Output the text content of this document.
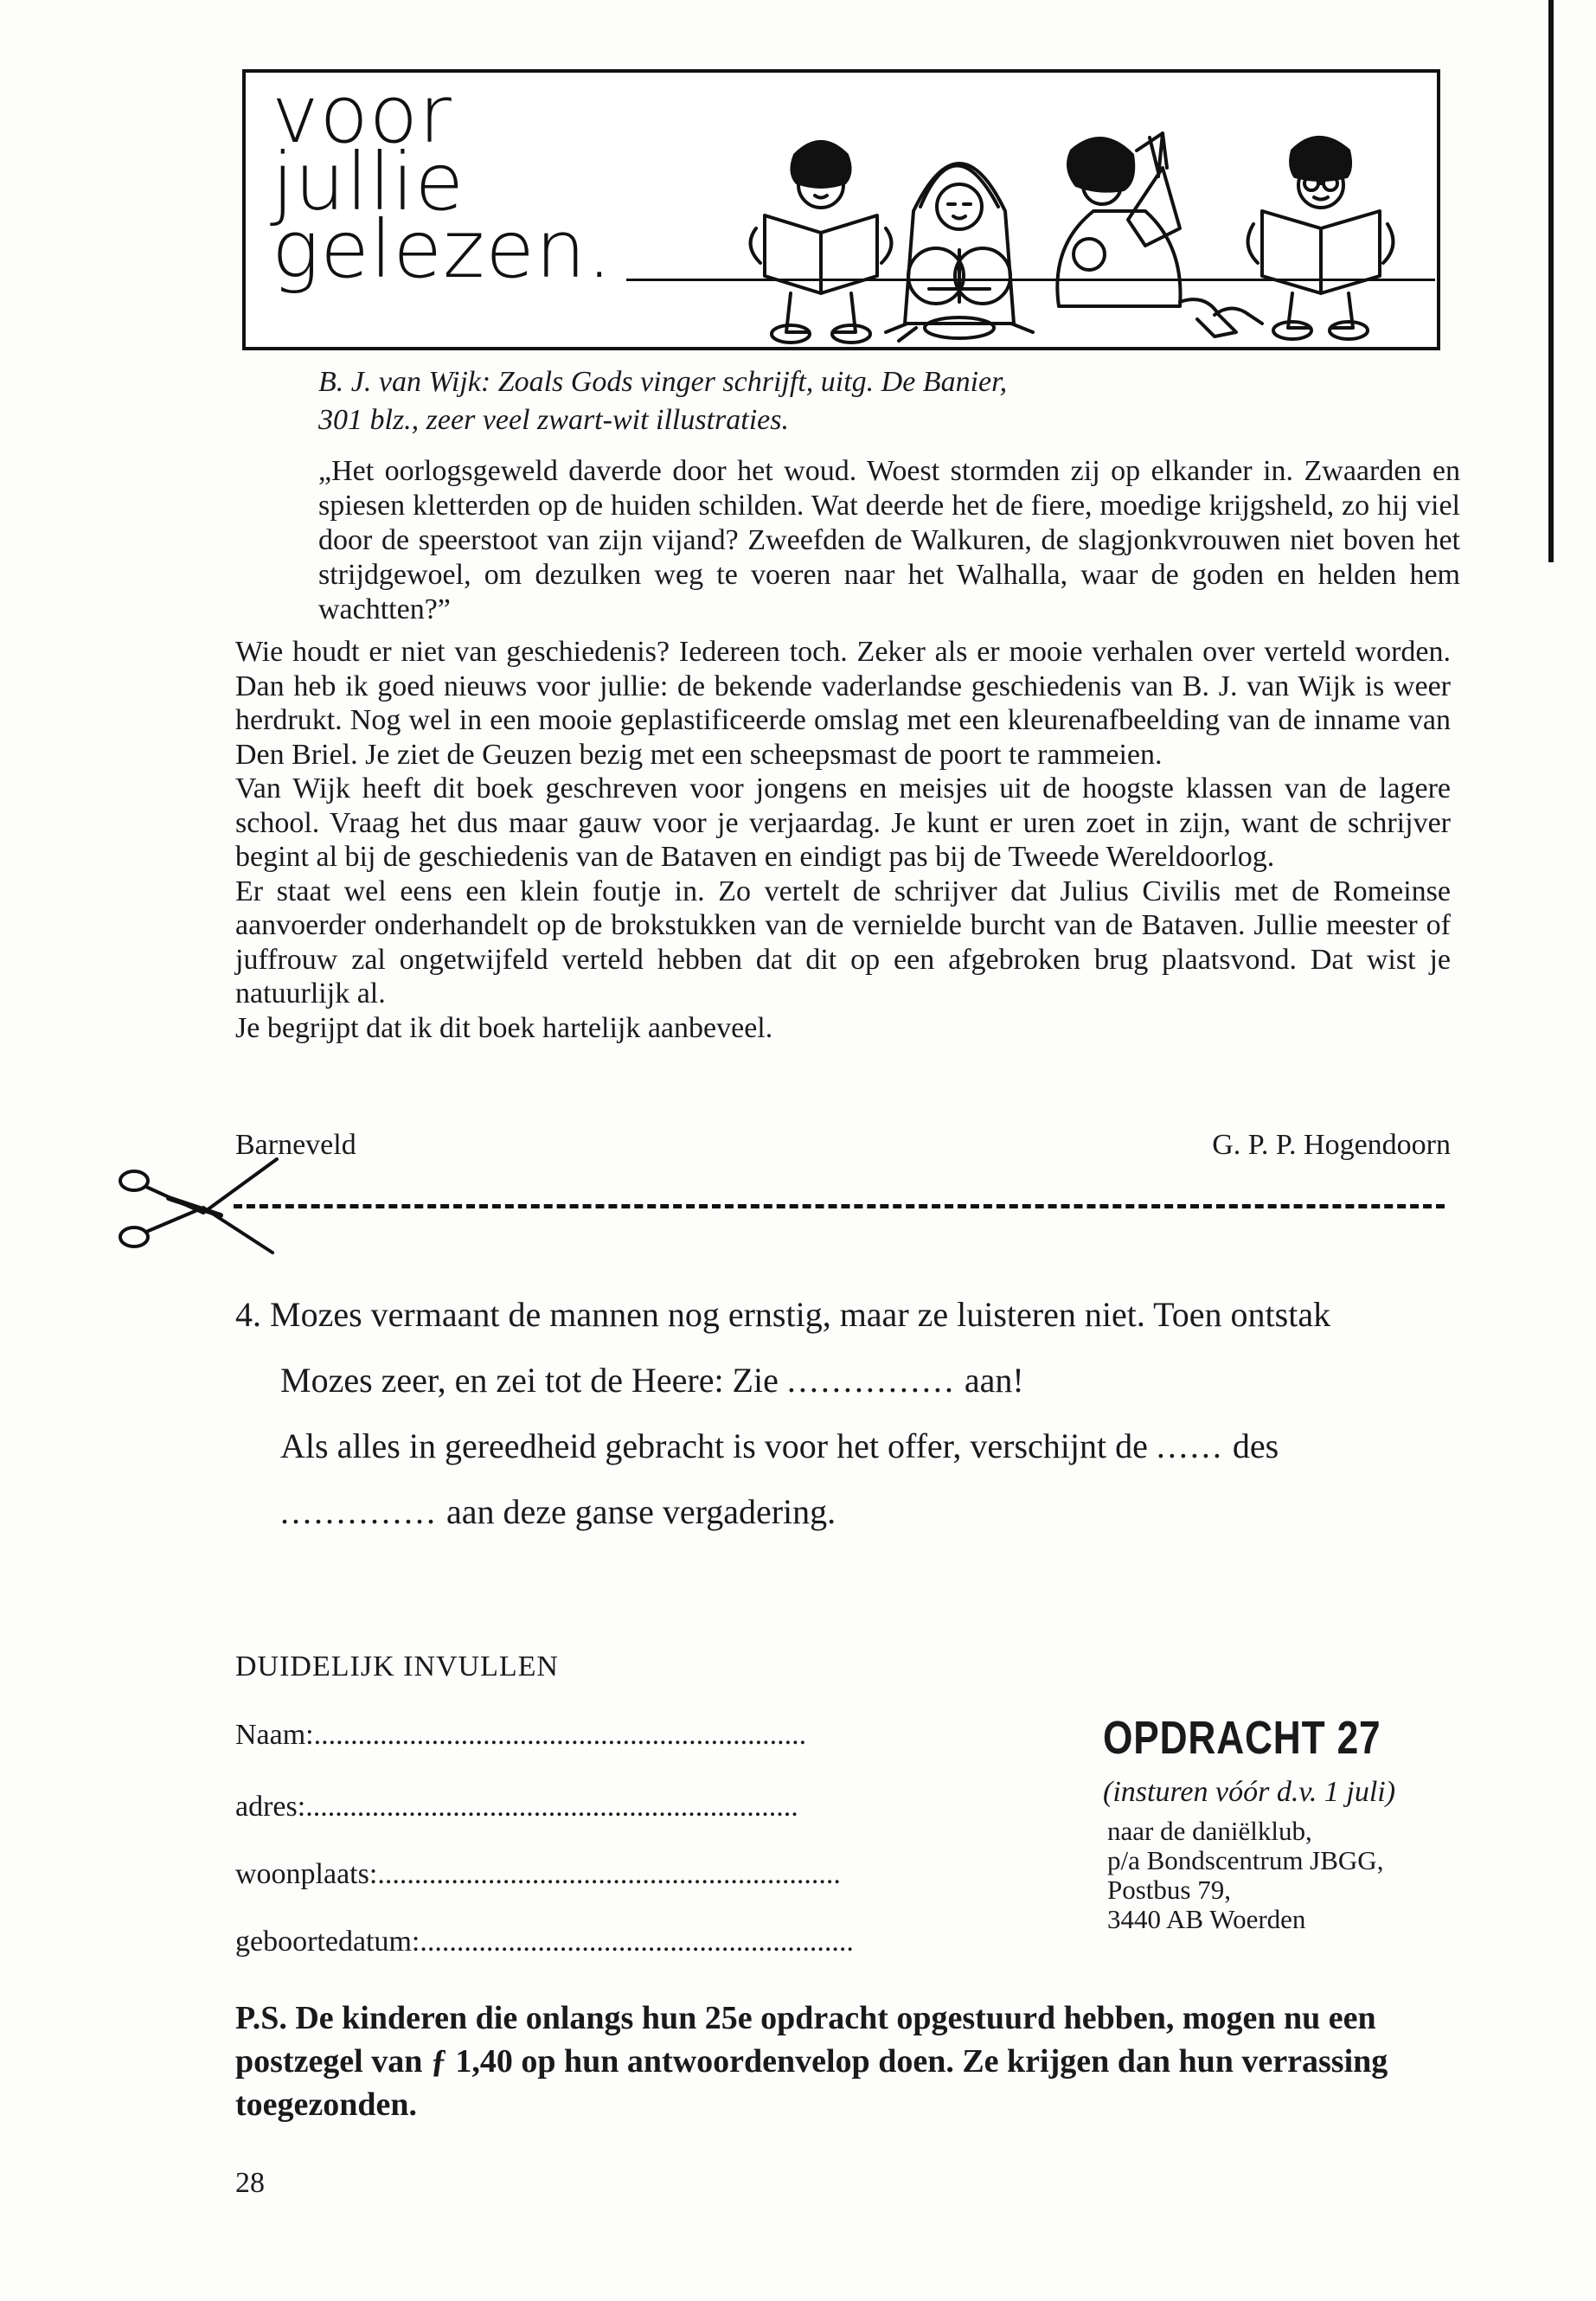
voor
jullie
gelezen.
B. J. van Wijk: Zoals Gods vinger schrijft, uitg. De Banier,
301 blz., zeer veel zwart-wit illustraties.
„Het oorlogsgeweld daverde door het woud. Woest stormden zij op elkander in. Zwaarden en spiesen kletterden op de huiden schilden. Wat deerde het de fiere, moedige krijgsheld, zo hij viel door de speerstoot van zijn vijand? Zweefden de Walkuren, de slagjonkvrouwen niet boven het strijdgewoel, om dezulken weg te voeren naar het Walhalla, waar de goden en helden hem wachtten?”

Wie houdt er niet van geschiedenis? Iedereen toch. Zeker als er mooie verhalen over verteld worden. Dan heb ik goed nieuws voor jullie: de bekende vaderlandse geschiedenis van B. J. van Wijk is weer herdrukt. Nog wel in een mooie geplastificeerde omslag met een kleurenafbeelding van de inname van Den Briel. Je ziet de Geuzen bezig met een scheepsmast de poort te rammeien.

Van Wijk heeft dit boek geschreven voor jongens en meisjes uit de hoogste klassen van de lagere school. Vraag het dus maar gauw voor je verjaardag. Je kunt er uren zoet in zijn, want de schrijver begint al bij de geschiedenis van de Bataven en eindigt pas bij de Tweede Wereldoorlog.

Er staat wel eens een klein foutje in. Zo vertelt de schrijver dat Julius Civilis met de Romeinse aanvoerder onderhandelt op de brokstukken van de vernielde burcht van de Bataven. Jullie meester of juffrouw zal ongetwijfeld verteld hebben dat dit op een afgebroken brug plaatsvond. Dat wist je natuurlijk al.

Je begrijpt dat ik dit boek hartelijk aanbeveel.

Barneveld	G. P. P. Hogendoorn
4. Mozes vermaant de mannen nog ernstig, maar ze luisteren niet. Toen ontstak
Mozes zeer, en zei tot de Heere: Zie ............... aan!
Als alles in gereedheid gebracht is voor het offer, verschijnt de ...... des
.............. aan deze ganse vergadering.
DUIDELIJK INVULLEN
Naam:...................................................................
adres:...................................................................
woonplaats:...............................................................
geboortedatum:...........................................................
OPDRACHT 27
(insturen vóór d.v. 1 juli)
naar de daniëlklub,
p/a Bondscentrum JBGG,
Postbus 79,
3440 AB Woerden
P.S. De kinderen die onlangs hun 25e opdracht opgestuurd hebben, mogen nu een postzegel van ƒ 1,40 op hun antwoordenvelop doen. Ze krijgen dan hun verrassing toegezonden.
28
